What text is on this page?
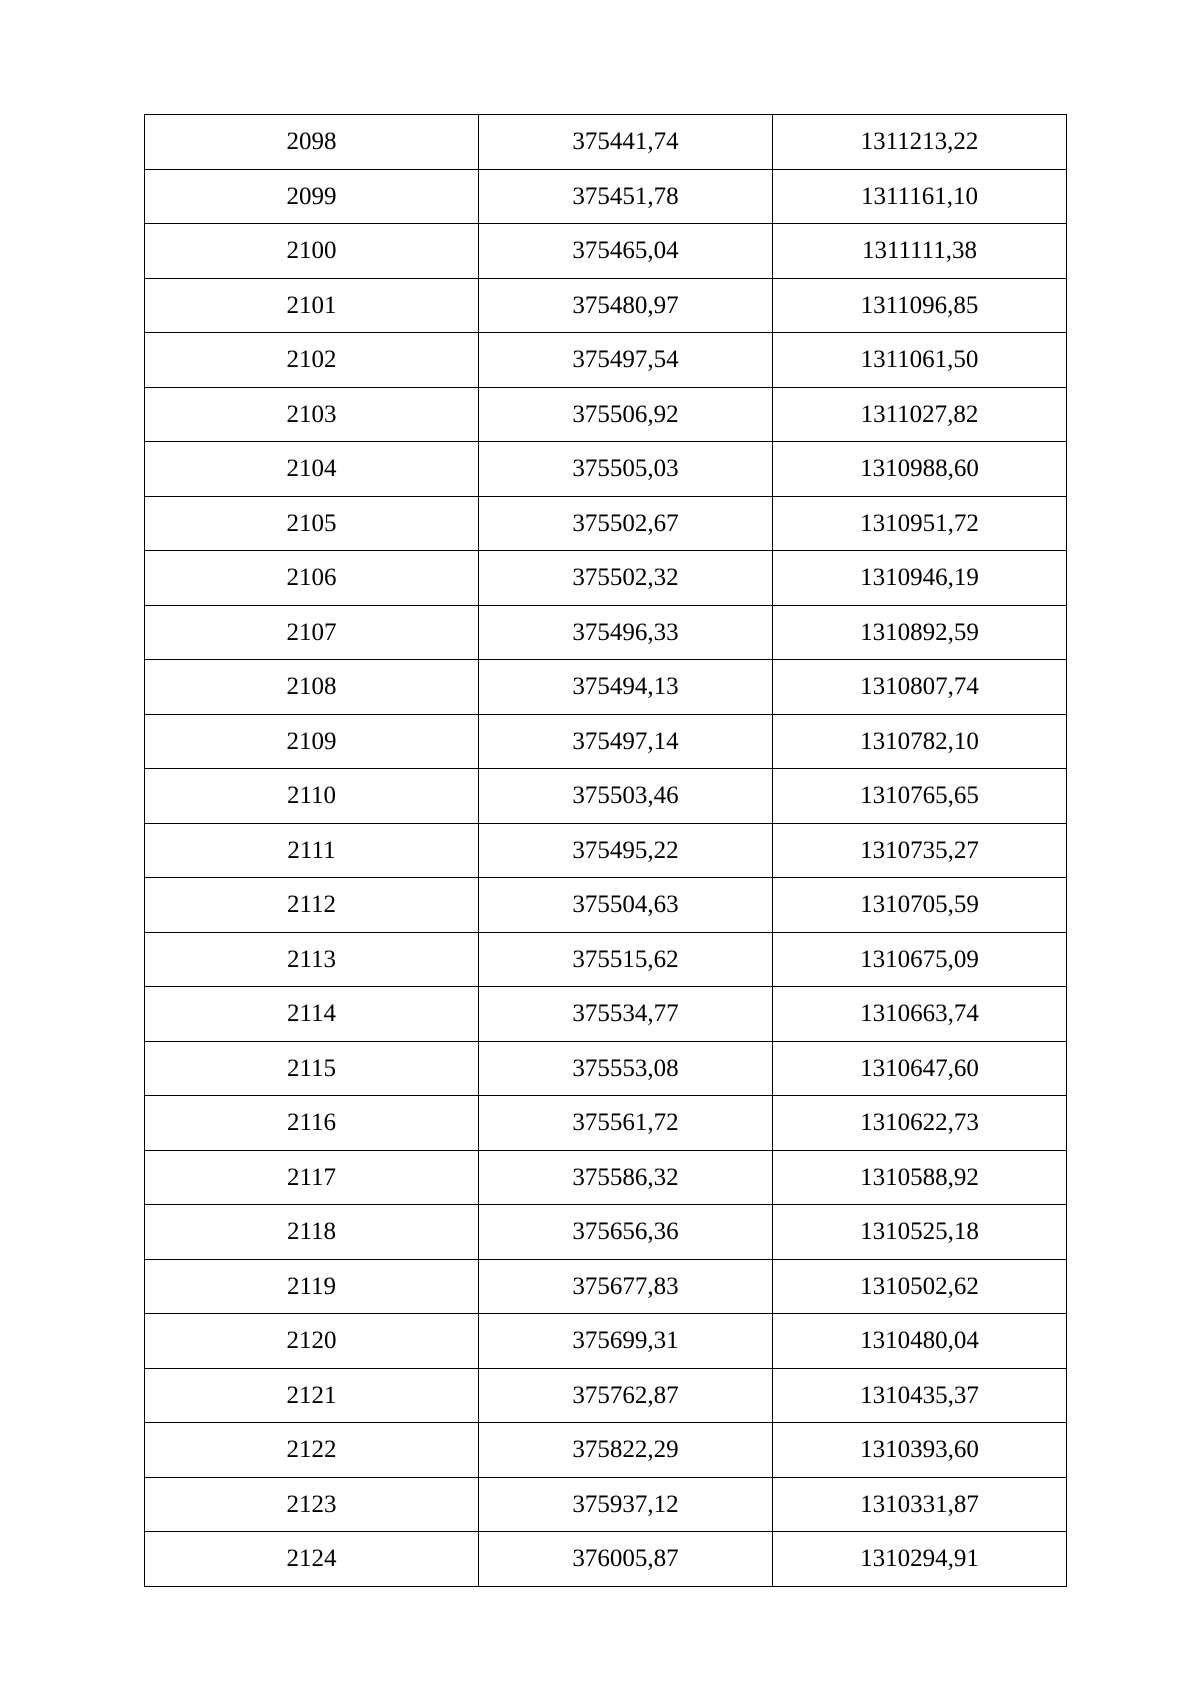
2098	375441,74	1311213,22
2099	375451,78	1311161,10
2100	375465,04	1311111,38
2101	375480,97	1311096,85
2102	375497,54	1311061,50
2103	375506,92	1311027,82
2104	375505,03	1310988,60
2105	375502,67	1310951,72
2106	375502,32	1310946,19
2107	375496,33	1310892,59
2108	375494,13	1310807,74
2109	375497,14	1310782,10
2110	375503,46	1310765,65
2111	375495,22	1310735,27
2112	375504,63	1310705,59
2113	375515,62	1310675,09
2114	375534,77	1310663,74
2115	375553,08	1310647,60
2116	375561,72	1310622,73
2117	375586,32	1310588,92
2118	375656,36	1310525,18
2119	375677,83	1310502,62
2120	375699,31	1310480,04
2121	375762,87	1310435,37
2122	375822,29	1310393,60
2123	375937,12	1310331,87
2124	376005,87	1310294,91
